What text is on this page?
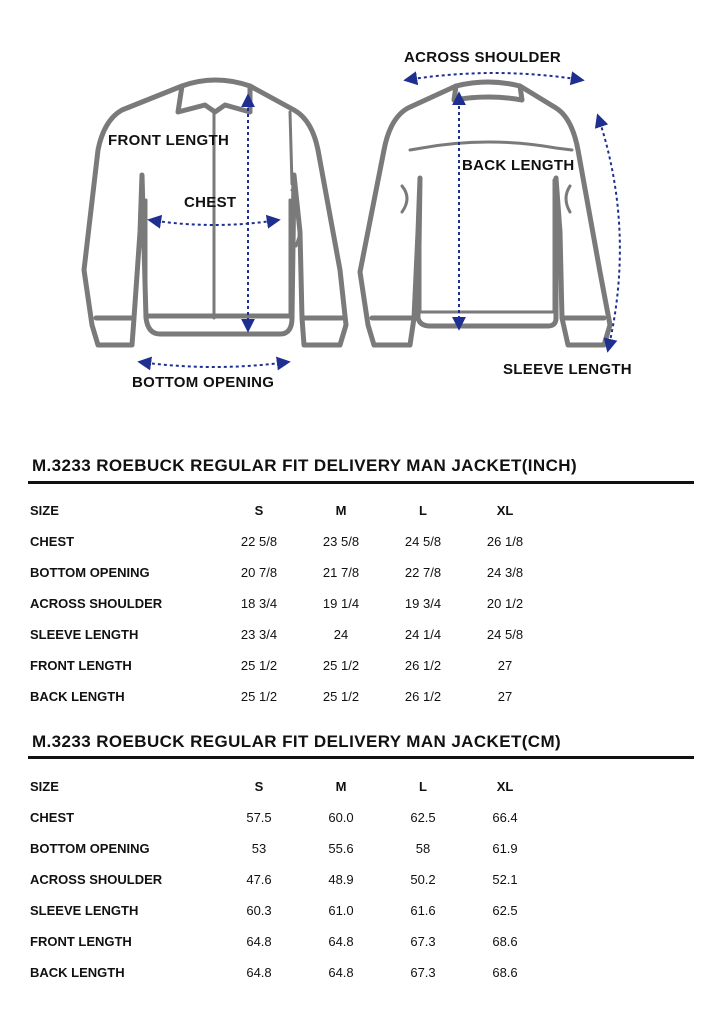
FRONT LENGTH
CHEST
BOTTOM OPENING
ACROSS SHOULDER
BACK LENGTH
SLEEVE LENGTH
M.3233 ROEBUCK REGULAR FIT DELIVERY MAN JACKET(INCH)
SIZE	S	M	L	XL
CHEST	22 5/8	23 5/8	24 5/8	26 1/8
BOTTOM OPENING	20 7/8	21 7/8	22 7/8	24 3/8
ACROSS SHOULDER	18 3/4	19 1/4	19 3/4	20 1/2
SLEEVE LENGTH	23 3/4	24	24 1/4	24 5/8
FRONT LENGTH	25 1/2	25 1/2	26 1/2	27
BACK LENGTH	25 1/2	25 1/2	26 1/2	27
M.3233 ROEBUCK REGULAR FIT DELIVERY MAN JACKET(CM)
SIZE	S	M	L	XL
CHEST	57.5	60.0	62.5	66.4
BOTTOM OPENING	53	55.6	58	61.9
ACROSS SHOULDER	47.6	48.9	50.2	52.1
SLEEVE LENGTH	60.3	61.0	61.6	62.5
FRONT LENGTH	64.8	64.8	67.3	68.6
BACK LENGTH	64.8	64.8	67.3	68.6
